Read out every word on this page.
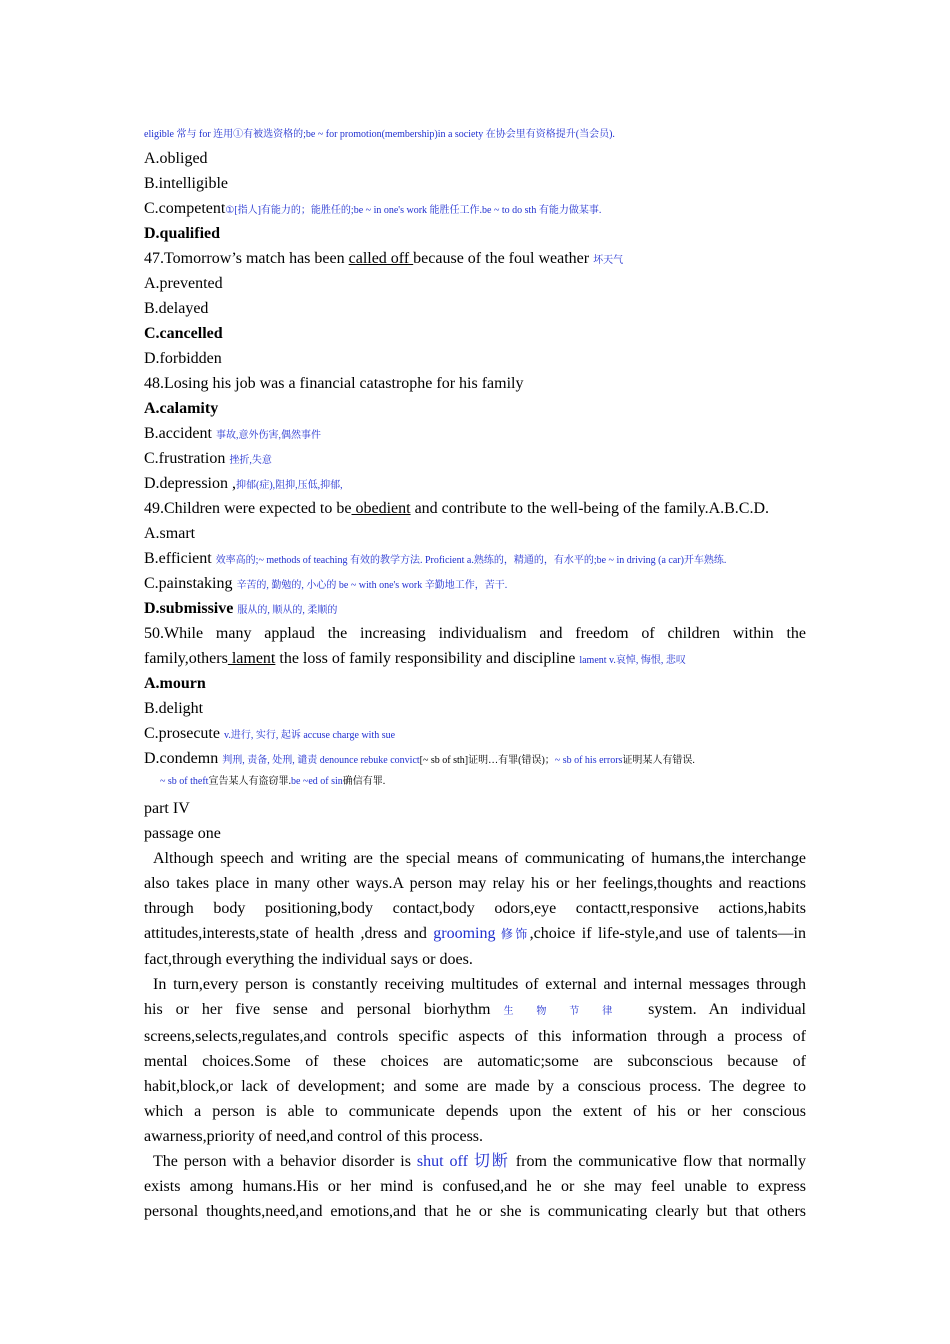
eligible 常与 for 连用①有被选资格的;be ~ for promotion(membership)in a society 在协会里有资格提升(当会员).
A.obliged
B.intelligible
C.competent①[指人]有能力的；能胜任的;be ~ in one's work 能胜任工作.be ~ to do sth 有能力做某事.
D.qualified
47.Tomorrow’s match has been called off because of the foul weather 坏天气
A.prevented
B.delayed
C.cancelled
D.forbidden
48.Losing his job was a financial catastrophe for his family
A.calamity
B.accident 事故,意外伤害,偶然事件
C.frustration 挫折,失意
D.depression ,抑郁(症),阻抑,压低,抑郁,
49.Children were expected to be obedient and contribute to the well-being of the family.A.B.C.D.
A.smart
B.efficient 效率高的;~ methods of teaching 有效的教学方法. Proficient a.熟练的，精通的，有水平的;be ~ in driving (a car)开车熟练.
C.painstaking 辛苦的, 勤勉的, 小心的 be ~ with one's work 辛勤地工作，苦干.
D.submissive 服从的, 顺从的, 柔顺的
50.While many applaud the increasing individualism and freedom of children within the
family,others lament the loss of family responsibility and discipline lament v.哀悼, 悔恨, 悲叹
A.mourn
B.delight
C.prosecute v.进行, 实行, 起诉 accuse charge with sue
D.condemn 判刑, 责备, 处刑, 谴责 denounce rebuke convict[~ sb of sth]证明…有罪(错误)；~ sb of his errors证明某人有错误.
~ sb of theft宣告某人有盗窃罪.be ~ed of sin确信有罪.
part IV
passage one
Although speech and writing are the special means of communicating of humans,the interchange
also takes place in many other ways.A person may relay his or her feelings,thoughts and reactions
through body positioning,body contact,body odors,eye contactt,responsive actions,habits
attitudes,interests,state of health ,dress and grooming 修饰,choice if life-style,and use of talents—in
fact,through everything the individual says or does.
In turn,every person is constantly receiving multitudes of external and internal messages through
his or her five sense and personal biorhythm 生物节律 system. An individual
screens,selects,regulates,and controls specific aspects of this information through a process of
mental choices.Some of these choices are automatic;some are subconscious because of
habit,block,or lack of development; and some are made by a conscious process. The degree to
which a person is able to communicate depends upon the extent of his or her conscious
awarness,priority of need,and control of this process.
The person with a behavior disorder is shut off 切断 from the communicative flow that normally
exists among humans.His or her mind is confused,and he or she may feel unable to express
personal thoughts,need,and emotions,and that he or she is communicating clearly but that others
